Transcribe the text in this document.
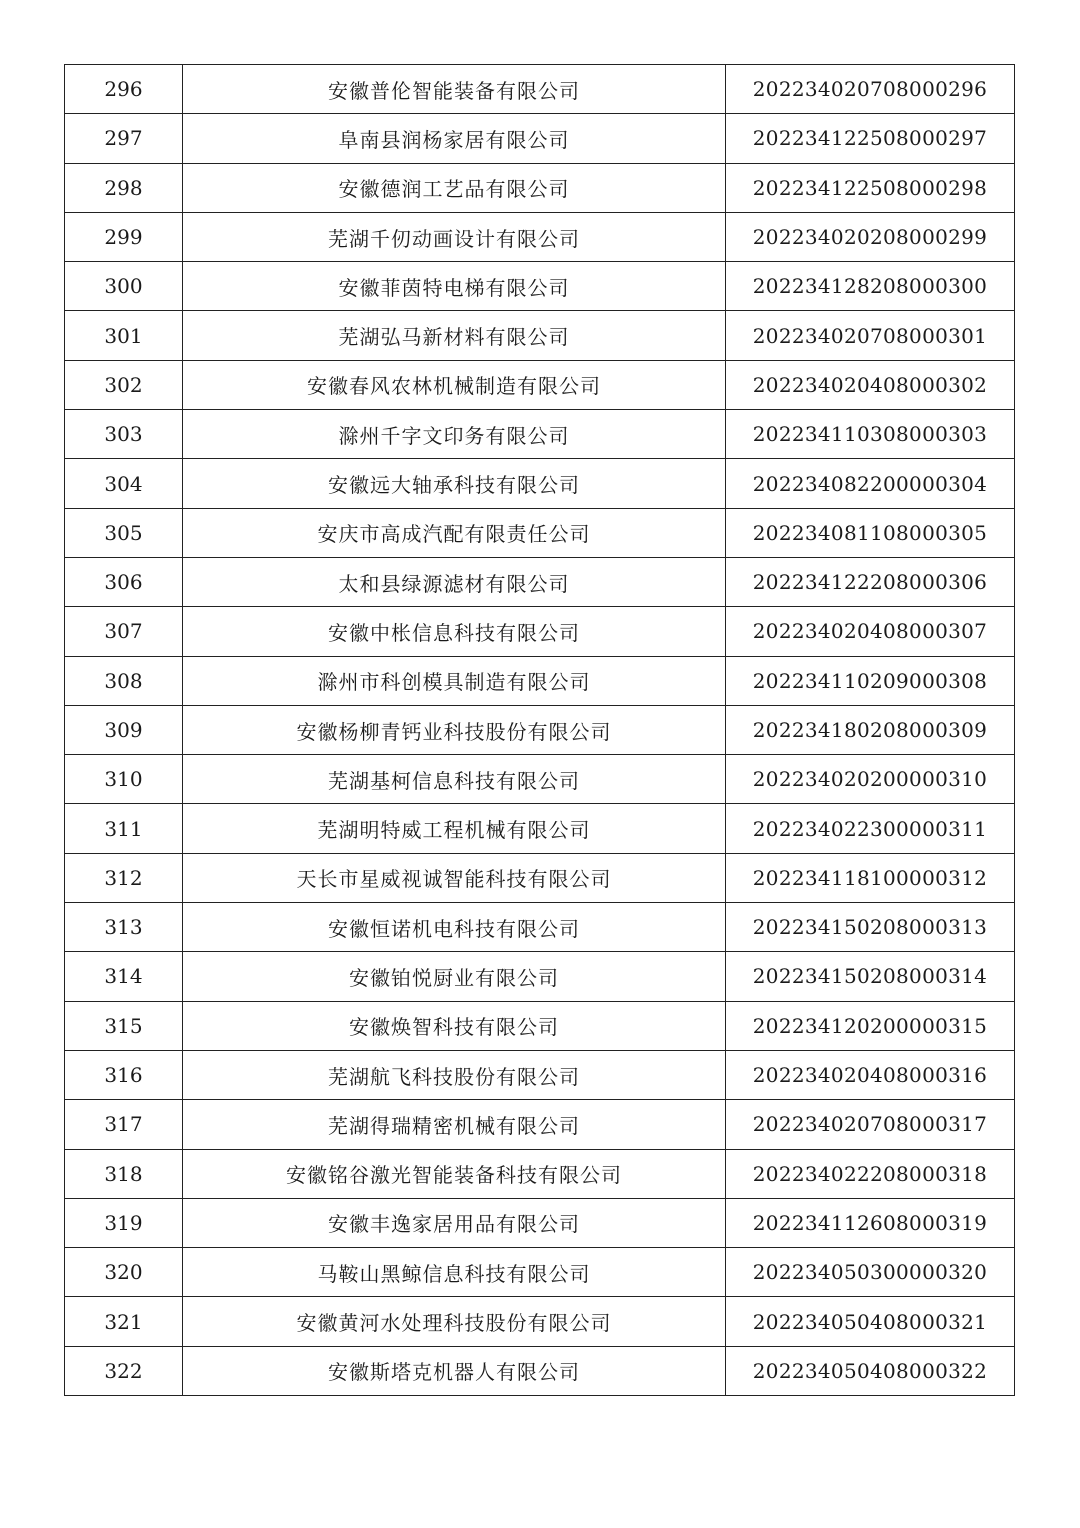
296	安徽普伦智能装备有限公司	202234020708000296
297	阜南县润杨家居有限公司	202234122508000297
298	安徽德润工艺品有限公司	202234122508000298
299	芜湖千仞动画设计有限公司	202234020208000299
300	安徽菲茵特电梯有限公司	202234128208000300
301	芜湖弘马新材料有限公司	202234020708000301
302	安徽春风农林机械制造有限公司	202234020408000302
303	滁州千字文印务有限公司	202234110308000303
304	安徽远大轴承科技有限公司	202234082200000304
305	安庆市高成汽配有限责任公司	202234081108000305
306	太和县绿源滤材有限公司	202234122208000306
307	安徽中枨信息科技有限公司	202234020408000307
308	滁州市科创模具制造有限公司	202234110209000308
309	安徽杨柳青钙业科技股份有限公司	202234180208000309
310	芜湖基柯信息科技有限公司	202234020200000310
311	芜湖明特威工程机械有限公司	202234022300000311
312	天长市星威视诚智能科技有限公司	202234118100000312
313	安徽恒诺机电科技有限公司	202234150208000313
314	安徽铂悦厨业有限公司	202234150208000314
315	安徽焕智科技有限公司	202234120200000315
316	芜湖航飞科技股份有限公司	202234020408000316
317	芜湖得瑞精密机械有限公司	202234020708000317
318	安徽铭谷激光智能装备科技有限公司	202234022208000318
319	安徽丰逸家居用品有限公司	202234112608000319
320	马鞍山黑鲸信息科技有限公司	202234050300000320
321	安徽黄河水处理科技股份有限公司	202234050408000321
322	安徽斯塔克机器人有限公司	202234050408000322
